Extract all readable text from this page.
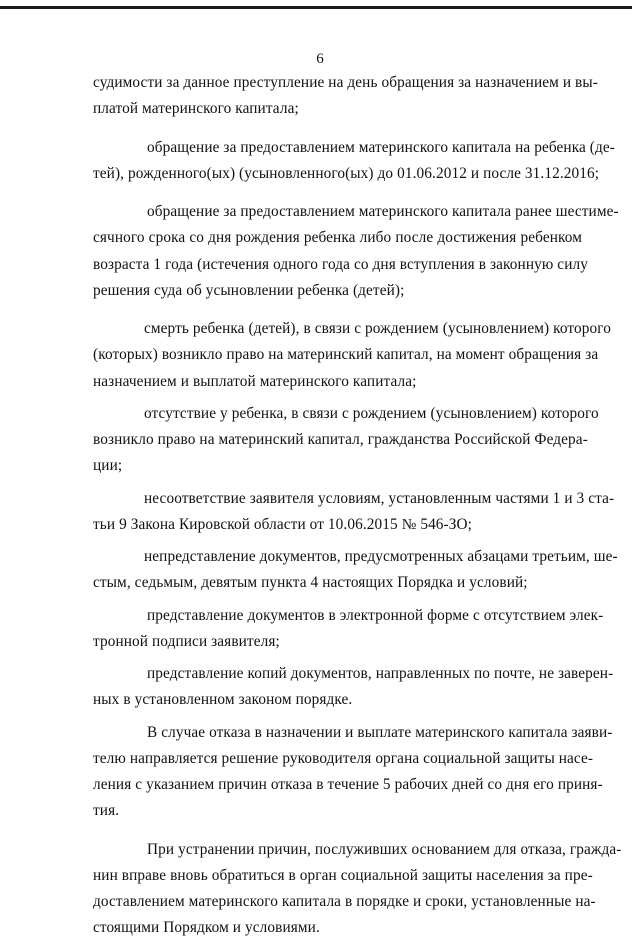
6
судимости за данное преступление на день обращения за назначением и вы-
платой материнского капитала;
обращение за предоставлением материнского капитала на ребенка (де-
тей), рожденного(ых) (усыновленного(ых) до 01.06.2012 и после 31.12.2016;
обращение за предоставлением материнского капитала ранее шестиме-
сячного срока со дня рождения ребенка либо после достижения ребенком
возраста 1 года (истечения одного года со дня вступления в законную силу
решения суда об усыновлении ребенка (детей);
смерть ребенка (детей), в связи с рождением (усыновлением) которого
(которых) возникло право на материнский капитал, на момент обращения за
назначением и выплатой материнского капитала;
отсутствие у ребенка, в связи с рождением (усыновлением) которого
возникло право на материнский капитал, гражданства Российской Федера-
ции;
несоответствие заявителя условиям, установленным частями 1 и 3 ста-
тьи 9 Закона Кировской области от 10.06.2015 № 546-ЗО;
непредставление документов, предусмотренных абзацами третьим, ше-
стым, седьмым, девятым пункта 4 настоящих Порядка и условий;
представление документов в электронной форме с отсутствием элек-
тронной подписи заявителя;
представление копий документов, направленных по почте, не заверен-
ных в установленном законом порядке.
В случае отказа в назначении и выплате материнского капитала заяви-
телю направляется решение руководителя органа социальной защиты насе-
ления с указанием причин отказа в течение 5 рабочих дней со дня его приня-
тия.
При устранении причин, послуживших основанием для отказа, гражда-
нин вправе вновь обратиться в орган социальной защиты населения за пре-
доставлением материнского капитала в порядке и сроки, установленные на-
стоящими Порядком и условиями.
